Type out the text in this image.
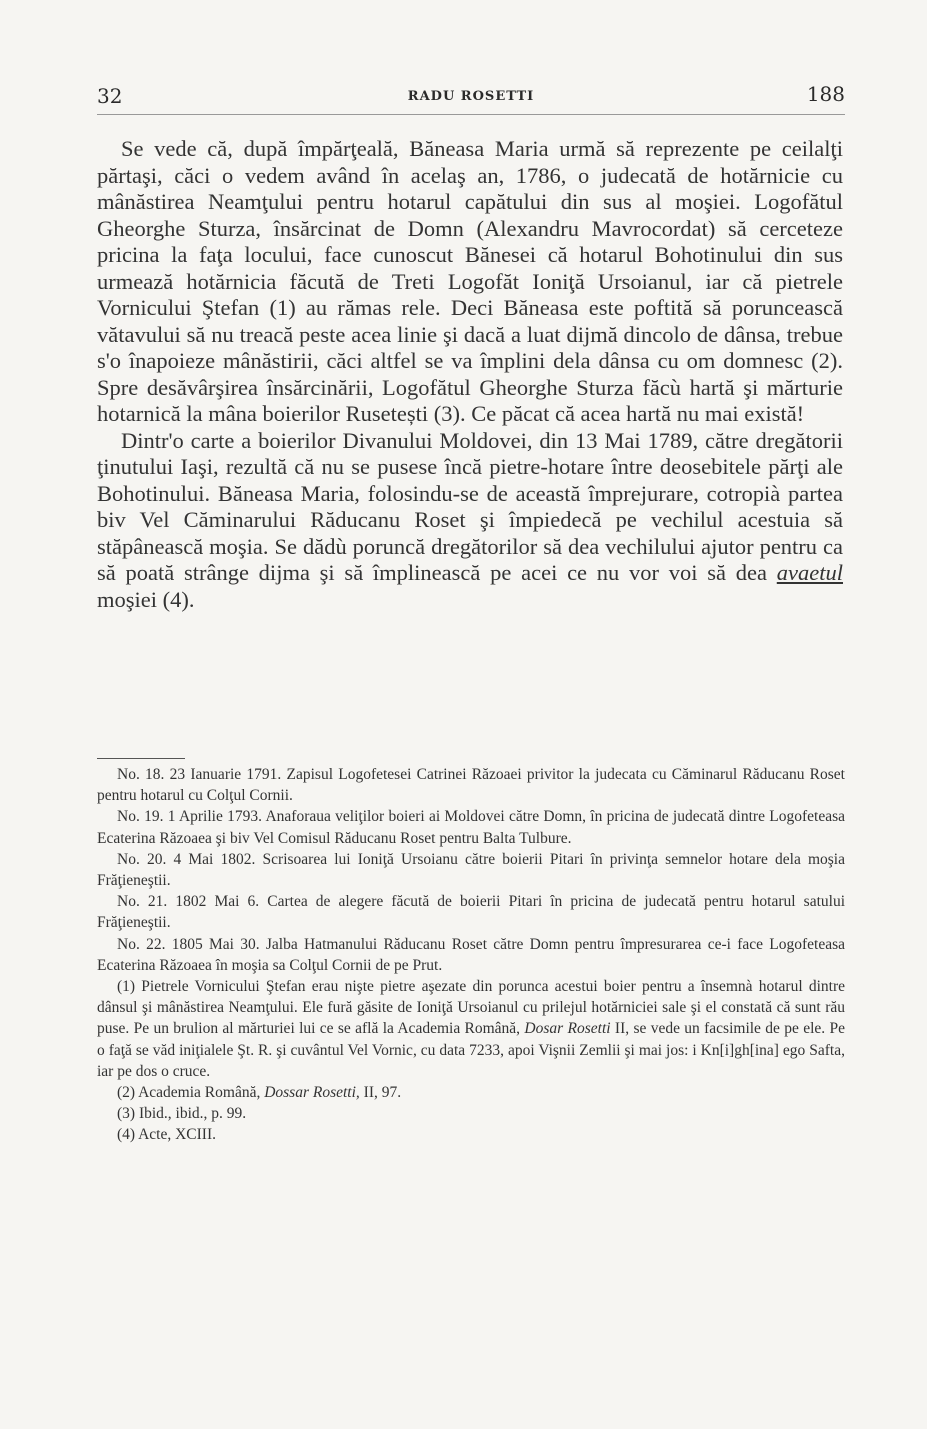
32	RADU ROSETTI	188

Se vede că, după împărţeală, Băneasa Maria urmă să reprezente pe ceilalţi părtaşi, căci o vedem având în acelaş an, 1786, o judecată de hotărnicie cu mânăstirea Neamţului pentru hotarul capătului din sus al moşiei. Logofătul Gheorghe Sturza, însărcinat de Domn (Alexandru Mavrocordat) să cerceteze pricina la faţa locului, face cunoscut Bănesei că hotarul Bohotinului din sus urmează hotărnicia făcută de Treti Logofăt Ioniţă Ursoianul, iar că pietrele Vornicului Ştefan (1) au rămas rele. Deci Băneasa este poftită să poruncească vătavului să nu treacă peste acea linie şi dacă a luat dijmă dincolo de dânsa, trebue s'o înapoieze mânăstirii, căci altfel se va împlini dela dânsa cu om domnesc (2). Spre desăvârşirea însărcinării, Logofătul Gheorghe Sturza făcù hartă şi mărturie hotarnică la mâna boierilor Rusetești (3). Ce păcat că acea hartă nu mai există!

Dintr'o carte a boierilor Divanului Moldovei, din 13 Mai 1789, către dregătorii ţinutului Iaşi, rezultă că nu se pusese încă pietre-hotare între deosebitele părţi ale Bohotinului. Băneasa Maria, folosindu-se de această împrejurare, cotropià partea biv Vel Căminarului Răducanu Roset şi împiedecă pe vechilul acestuia să stăpânească moşia. Se dădù poruncă dregătorilor să dea vechilului ajutor pentru ca să poată strânge dijma şi să împlinească pe acei ce nu vor voi să dea avaetul moşiei (4).

No. 18. 23 Ianuarie 1791. Zapisul Logofetesei Catrinei Răzoaei privitor la judecata cu Căminarul Răducanu Roset pentru hotarul cu Colţul Cornii.

No. 19. 1 Aprilie 1793. Anaforaua veliţilor boieri ai Moldovei către Domn, în pricina de judecată dintre Logofeteasa Ecaterina Răzoaea şi biv Vel Comisul Răducanu Roset pentru Balta Tulbure.

No. 20. 4 Mai 1802. Scrisoarea lui Ioniţă Ursoianu către boierii Pitari în privinţa semnelor hotare dela moşia Frăţieneştii.

No. 21. 1802 Mai 6. Cartea de alegere făcută de boierii Pitari în pricina de judecată pentru hotarul satului Frăţieneştii.

No. 22. 1805 Mai 30. Jalba Hatmanului Răducanu Roset către Domn pentru împresurarea ce-i face Logofeteasa Ecaterina Răzoaea în moşia sa Colţul Cornii de pe Prut.

(1) Pietrele Vornicului Ştefan erau nişte pietre aşezate din porunca acestui boier pentru a însemnà hotarul dintre dânsul şi mânăstirea Neamţului. Ele fură găsite de Ioniţă Ursoianul cu prilejul hotărniciei sale şi el constată că sunt rău puse. Pe un brulion al mărturiei lui ce se află la Academia Română, Dosar Rosetti II, se vede un facsimile de pe ele. Pe o faţă se văd iniţialele Şt. R. şi cuvântul Vel Vornic, cu data 7233, apoi Vişnii Zemlii şi mai jos: i Kn[i]gh[ina] ego Safta, iar pe dos o cruce.

(2) Academia Română, Dossar Rosetti, II, 97.

(3) Ibid., ibid., p. 99.

(4) Acte, XCIII.
